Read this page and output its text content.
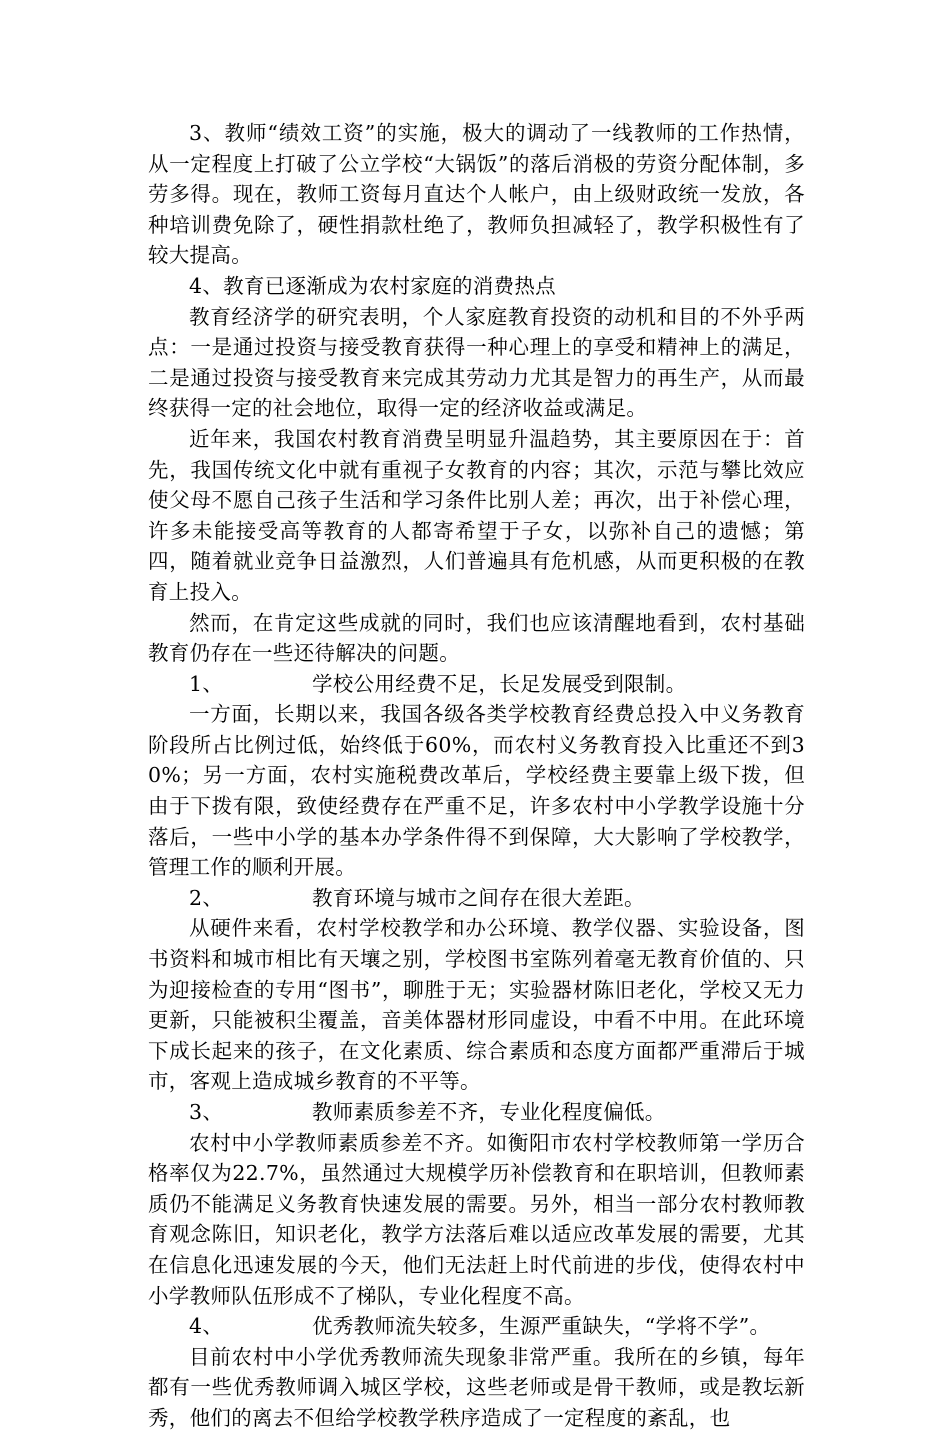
3、教师“绩效工资”的实施，极大的调动了一线教师的工作热情，从一定程度上打破了公立学校“大锅饭”的落后消极的劳资分配体制，多劳多得。现在，教师工资每月直达个人帐户，由上级财政统一发放，各种培训费免除了，硬性捐款杜绝了，教师负担减轻了，教学积极性有了较大提高。

4、教育已逐渐成为农村家庭的消费热点

教育经济学的研究表明，个人家庭教育投资的动机和目的不外乎两点：一是通过投资与接受教育获得一种心理上的享受和精神上的满足，二是通过投资与接受教育来完成其劳动力尤其是智力的再生产，从而最终获得一定的社会地位，取得一定的经济收益或满足。

近年来，我国农村教育消费呈明显升温趋势，其主要原因在于：首先，我国传统文化中就有重视子女教育的内容；其次，示范与攀比效应使父母不愿自己孩子生活和学习条件比别人差；再次，出于补偿心理，许多未能接受高等教育的人都寄希望于子女，以弥补自己的遗憾；第四，随着就业竞争日益激烈，人们普遍具有危机感，从而更积极的在教育上投入。

然而，在肯定这些成就的同时，我们也应该清醒地看到，农村基础教育仍存在一些还待解决的问题。

1、	学校公用经费不足，长足发展受到限制。

一方面，长期以来，我国各级各类学校教育经费总投入中义务教育阶段所占比例过低，始终低于60%，而农村义务教育投入比重还不到30%；另一方面，农村实施税费改革后，学校经费主要靠上级下拨，但由于下拨有限，致使经费存在严重不足，许多农村中小学教学设施十分落后，一些中小学的基本办学条件得不到保障，大大影响了学校教学，管理工作的顺利开展。

2、	教育环境与城市之间存在很大差距。

从硬件来看，农村学校教学和办公环境、教学仪器、实验设备，图书资料和城市相比有天壤之别，学校图书室陈列着毫无教育价值的、只为迎接检查的专用“图书”，聊胜于无；实验器材陈旧老化，学校又无力更新，只能被积尘覆盖，音美体器材形同虚设，中看不中用。在此环境下成长起来的孩子，在文化素质、综合素质和态度方面都严重滞后于城市，客观上造成城乡教育的不平等。

3、	教师素质参差不齐，专业化程度偏低。

农村中小学教师素质参差不齐。如衡阳市农村学校教师第一学历合格率仅为22.7%，虽然通过大规模学历补偿教育和在职培训，但教师素质仍不能满足义务教育快速发展的需要。另外，相当一部分农村教师教育观念陈旧，知识老化，教学方法落后难以适应改革发展的需要，尤其在信息化迅速发展的今天，他们无法赶上时代前进的步伐，使得农村中小学教师队伍形成不了梯队，专业化程度不高。

4、	优秀教师流失较多，生源严重缺失，“学将不学”。

目前农村中小学优秀教师流失现象非常严重。我所在的乡镇，每年都有一些优秀教师调入城区学校，这些老师或是骨干教师，或是教坛新秀，他们的离去不但给学校教学秩序造成了一定程度的紊乱，也
